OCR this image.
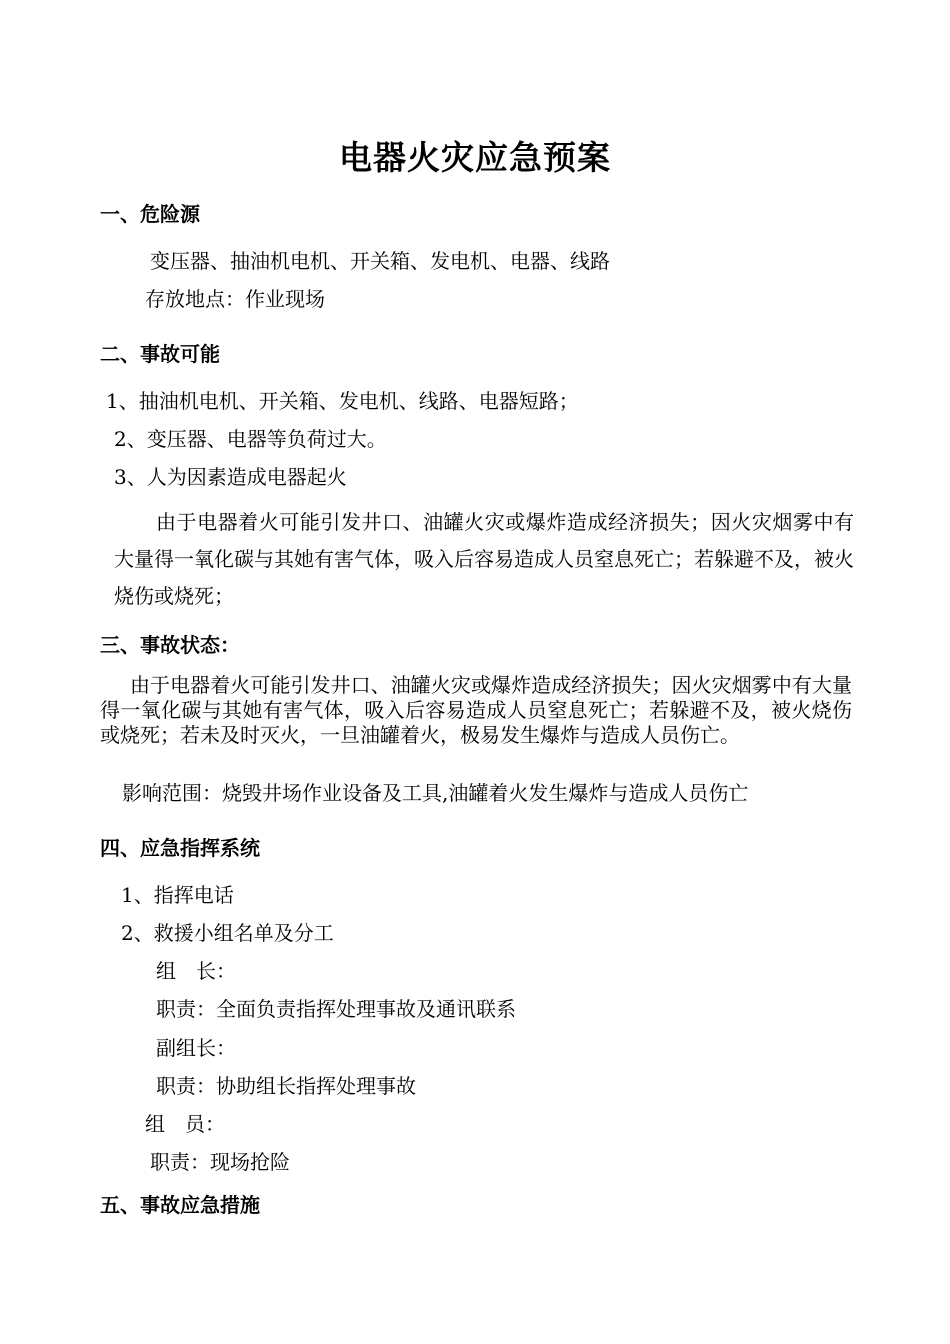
电器火灾应急预案
一、危险源

变压器、抽油机电机、开关箱、发电机、电器、线路

存放地点：作业现场

二、事故可能

1、抽油机电机、开关箱、发电机、线路、电器短路；

2、变压器、电器等负荷过大。

3、人为因素造成电器起火

由于电器着火可能引发井口、油罐火灾或爆炸造成经济损失；因火灾烟雾中有大量得一氧化碳与其她有害气体，吸入后容易造成人员窒息死亡；若躲避不及，被火烧伤或烧死；

三、事故状态：

由于电器着火可能引发井口、油罐火灾或爆炸造成经济损失；因火灾烟雾中有大量得一氧化碳与其她有害气体，吸入后容易造成人员窒息死亡；若躲避不及，被火烧伤或烧死；若未及时灭火，一旦油罐着火，极易发生爆炸与造成人员伤亡。

影响范围：烧毁井场作业设备及工具,油罐着火发生爆炸与造成人员伤亡

四、应急指挥系统

1、指挥电话

2、救援小组名单及分工

组　长：

职责：全面负责指挥处理事故及通讯联系

副组长：

职责：协助组长指挥处理事故

组　员：

职责：现场抢险

五、事故应急措施
